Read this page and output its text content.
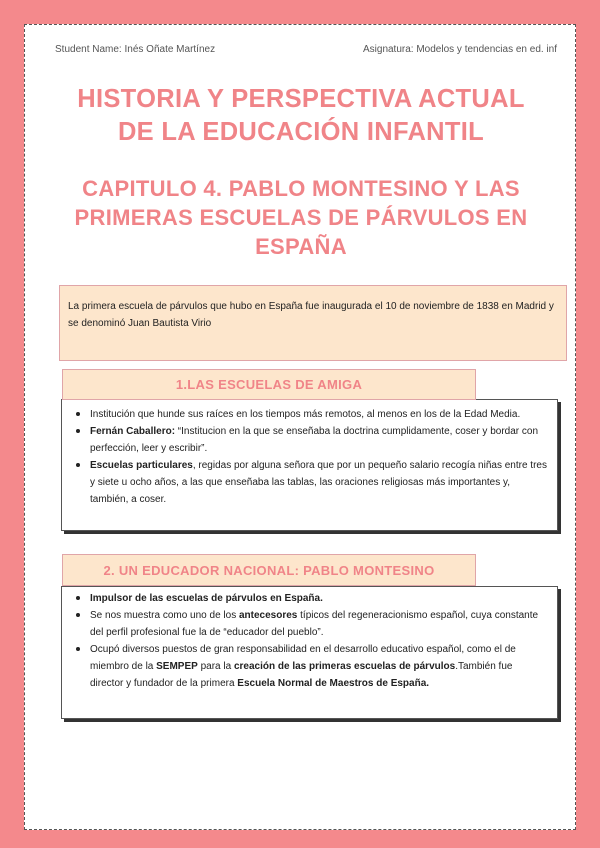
Student Name: Inés Oñate Martínez	Asignatura: Modelos y tendencias en ed. inf
HISTORIA Y PERSPECTIVA ACTUAL
DE LA EDUCACIÓN INFANTIL
CAPITULO 4. PABLO MONTESINO Y LAS
PRIMERAS ESCUELAS DE PÁRVULOS EN
ESPAÑA
La primera escuela de párvulos que hubo en España fue inaugurada el 10 de noviembre de 1838 en Madrid y se denominó Juan Bautista Virio
Institución que hunde sus raíces en los tiempos más remotos, al menos en los de la Edad Media.
Fernán Caballero: “Institucion en la que se enseñaba la doctrina cumplidamente, coser y bordar con perfección, leer y escribir”.
Escuelas particulares, regidas por alguna señora que por un pequeño salario recogía niñas entre tres y siete u ocho años, a las que enseñaba las tablas, las oraciones religiosas más importantes y, también, a coser.
1.LAS ESCUELAS DE AMIGA
Impulsor de las escuelas de párvulos en España.
Se nos muestra como uno de los antecesores típicos del regeneracionismo español, cuya constante del perfil profesional fue la de “educador del pueblo”.
Ocupó diversos puestos de gran responsabilidad en el desarrollo educativo español, como el de miembro de la SEMPEP para la creación de las primeras escuelas de párvulos.También fue director y fundador de la primera Escuela Normal de Maestros de España.
2. UN EDUCADOR NACIONAL: PABLO MONTESINO
